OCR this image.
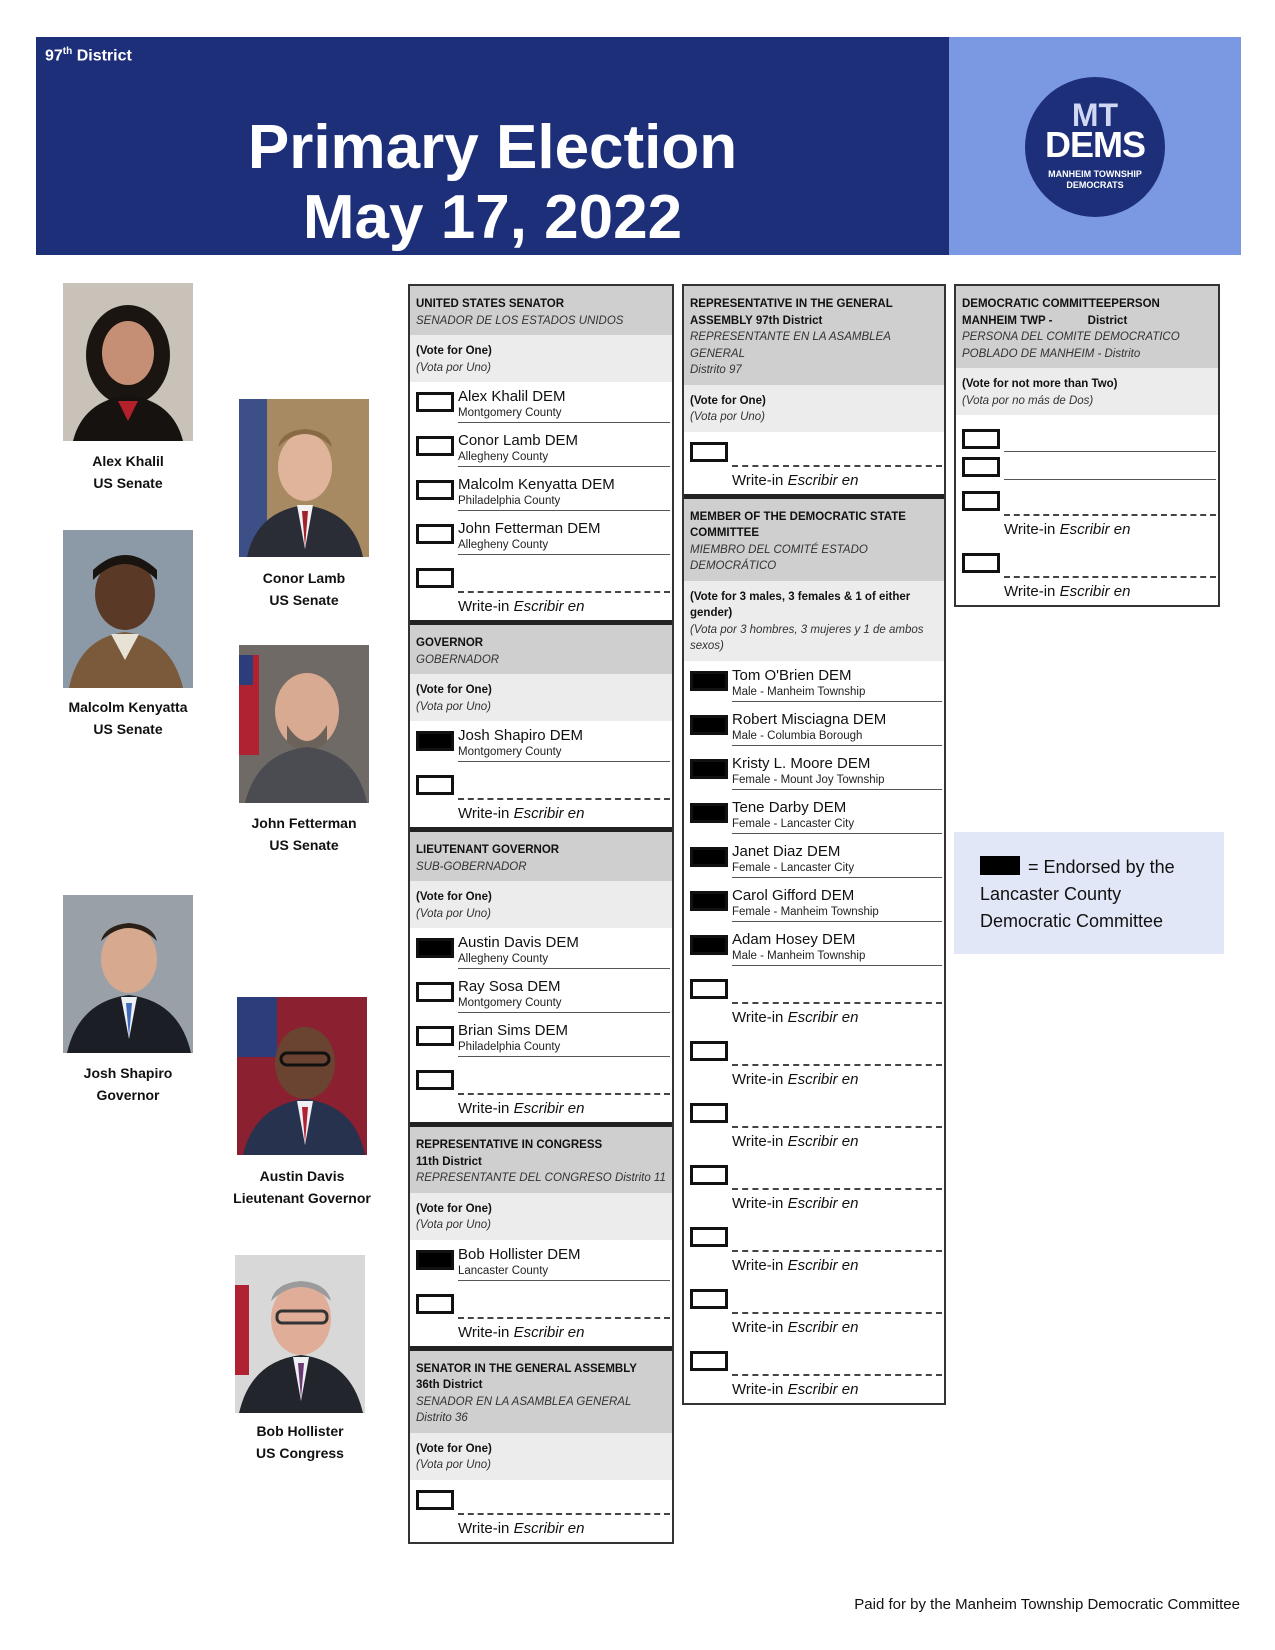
97th District
Primary Election
May 17, 2022
MT
DEMS
MANHEIM TOWNSHIP
DEMOCRATS
Alex Khalil
US Senate
Conor Lamb
US Senate
Malcolm Kenyatta
US Senate
John Fetterman
US Senate
Josh Shapiro
Governor
Austin Davis
Lieutenant Governor
Bob Hollister
US Congress
UNITED STATES SENATOR
SENADOR DE LOS ESTADOS UNIDOS
(Vote for One)
(Vota por Uno)
Alex Khalil DEM
Montgomery County
Conor Lamb DEM
Allegheny County
Malcolm Kenyatta DEM
Philadelphia County
John Fetterman DEM
Allegheny County
Write-in Escribir en
GOVERNOR
GOBERNADOR
(Vote for One)
(Vota por Uno)
Josh Shapiro DEM
Montgomery County
Write-in Escribir en
LIEUTENANT GOVERNOR
SUB-GOBERNADOR
(Vote for One)
(Vota por Uno)
Austin Davis DEM
Allegheny County
Ray Sosa DEM
Montgomery County
Brian Sims DEM
Philadelphia County
Write-in Escribir en
REPRESENTATIVE IN CONGRESS
11th District
REPRESENTANTE DEL CONGRESO Distrito 11
(Vote for One)
(Vota por Uno)
Bob Hollister DEM
Lancaster County
Write-in Escribir en
SENATOR IN THE GENERAL ASSEMBLY
36th District
SENADOR EN LA ASAMBLEA GENERAL
Distrito 36
(Vote for One)
(Vota por Uno)
Write-in Escribir en
REPRESENTATIVE IN THE GENERAL
ASSEMBLY 97th District
REPRESENTANTE EN LA ASAMBLEA GENERAL
Distrito 97
(Vote for One)
(Vota por Uno)
Write-in Escribir en
MEMBER OF THE DEMOCRATIC STATE
COMMITTEE
MIEMBRO DEL COMITÉ ESTADO
DEMOCRÁTICO
(Vote for 3 males, 3 females & 1 of either gender)
(Vota por 3 hombres, 3 mujeres y 1 de ambos sexos)
Tom O'Brien DEM
Male - Manheim Township
Robert Misciagna DEM
Male - Columbia Borough
Kristy L. Moore DEM
Female - Mount Joy Township
Tene Darby DEM
Female - Lancaster City
Janet Diaz DEM
Female - Lancaster City
Carol Gifford DEM
Female - Manheim Township
Adam Hosey DEM
Male - Manheim Township
Write-in Escribir en
Write-in Escribir en
Write-in Escribir en
Write-in Escribir en
Write-in Escribir en
Write-in Escribir en
Write-in Escribir en
DEMOCRATIC COMMITTEEPERSON
MANHEIM TWP -           District
PERSONA DEL COMITE DEMOCRATICO
POBLADO DE MANHEIM - Distrito
(Vote for not more than Two)
(Vota por no más de Dos)
Write-in Escribir en
Write-in Escribir en
= Endorsed by the Lancaster County Democratic Committee
Paid for by the Manheim Township Democratic Committee
